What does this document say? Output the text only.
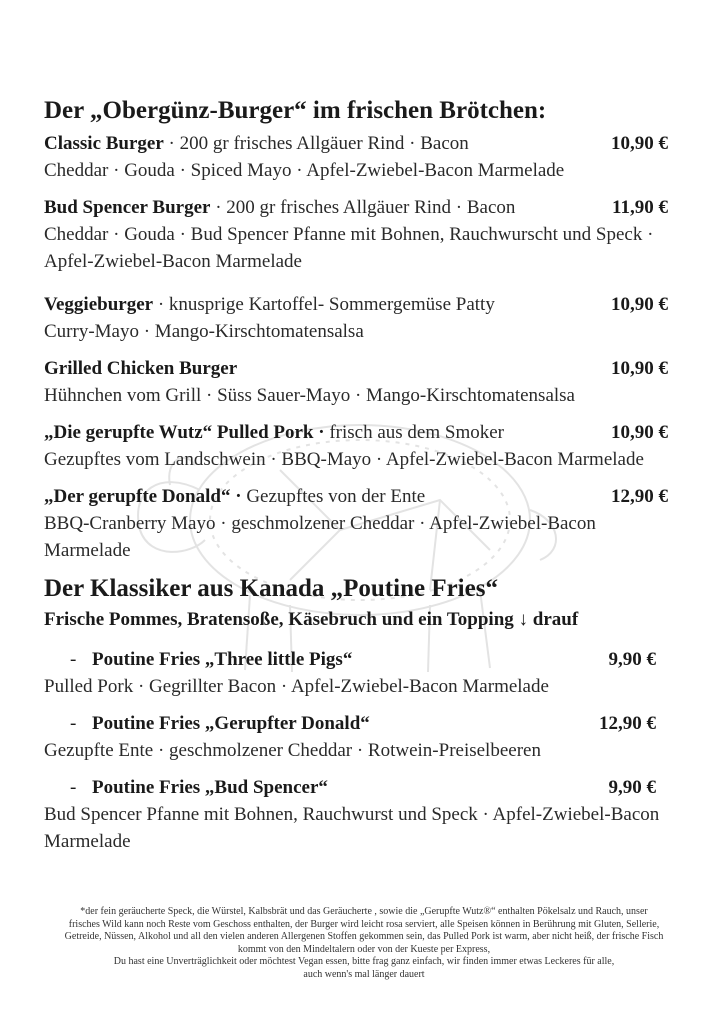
Der „Obergünz-Burger“ im frischen Brötchen:
Classic Burger · 200 gr frisches Allgäuer Rind · Bacon	10,90 €
Cheddar · Gouda · Spiced Mayo · Apfel-Zwiebel-Bacon Marmelade
Bud Spencer Burger · 200 gr frisches Allgäuer Rind · Bacon	11,90 €
Cheddar · Gouda · Bud Spencer Pfanne mit Bohnen, Rauchwurscht und Speck · Apfel-Zwiebel-Bacon Marmelade
Veggieburger · knusprige Kartoffel- Sommergemüse Patty	10,90 €
Curry-Mayo · Mango-Kirschtomatensalsa
Grilled Chicken Burger	10,90 €
Hühnchen vom Grill · Süss Sauer-Mayo · Mango-Kirschtomatensalsa
„Die gerupfte Wutz“ Pulled Pork · frisch aus dem Smoker	10,90 €
Gezupftes vom Landschwein · BBQ-Mayo · Apfel-Zwiebel-Bacon Marmelade
„Der gerupfte Donald“ · Gezupftes von der Ente	12,90 €
BBQ-Cranberry Mayo · geschmolzener Cheddar · Apfel-Zwiebel-Bacon Marmelade
Der Klassiker aus Kanada „Poutine Fries“
Frische Pommes, Bratensoße, Käsebruch und ein Topping ↓ drauf
- Poutine Fries „Three little Pigs“	9,90 €
Pulled Pork · Gegrillter Bacon · Apfel-Zwiebel-Bacon Marmelade
- Poutine Fries „Gerupfter Donald“	12,90 €
Gezupfte Ente · geschmolzener Cheddar · Rotwein-Preiselbeeren
- Poutine Fries „Bud Spencer“	9,90 €
Bud Spencer Pfanne mit Bohnen, Rauchwurst und Speck · Apfel-Zwiebel-Bacon Marmelade
*der fein geräucherte Speck, die Würstel, Kalbsbrät und das Geräucherte , sowie die „Gerupfte Wutz®“ enthalten Pökelsalz und Rauch, unser
frisches Wild kann noch Reste vom Geschoss enthalten, der Burger wird leicht rosa serviert, alle Speisen können in Berührung mit Gluten, Sellerie,
Getreide, Nüssen, Alkohol und all den vielen anderen Allergenen Stoffen gekommen sein, das Pulled Pork ist warm, aber nicht heiß, der frische Fisch
kommt von den Mindeltalern oder von der Kueste per Express,
Du hast eine Unverträglichkeit oder möchtest Vegan essen, bitte frag ganz einfach, wir finden immer etwas Leckeres für alle,
auch wenn's mal länger dauert
